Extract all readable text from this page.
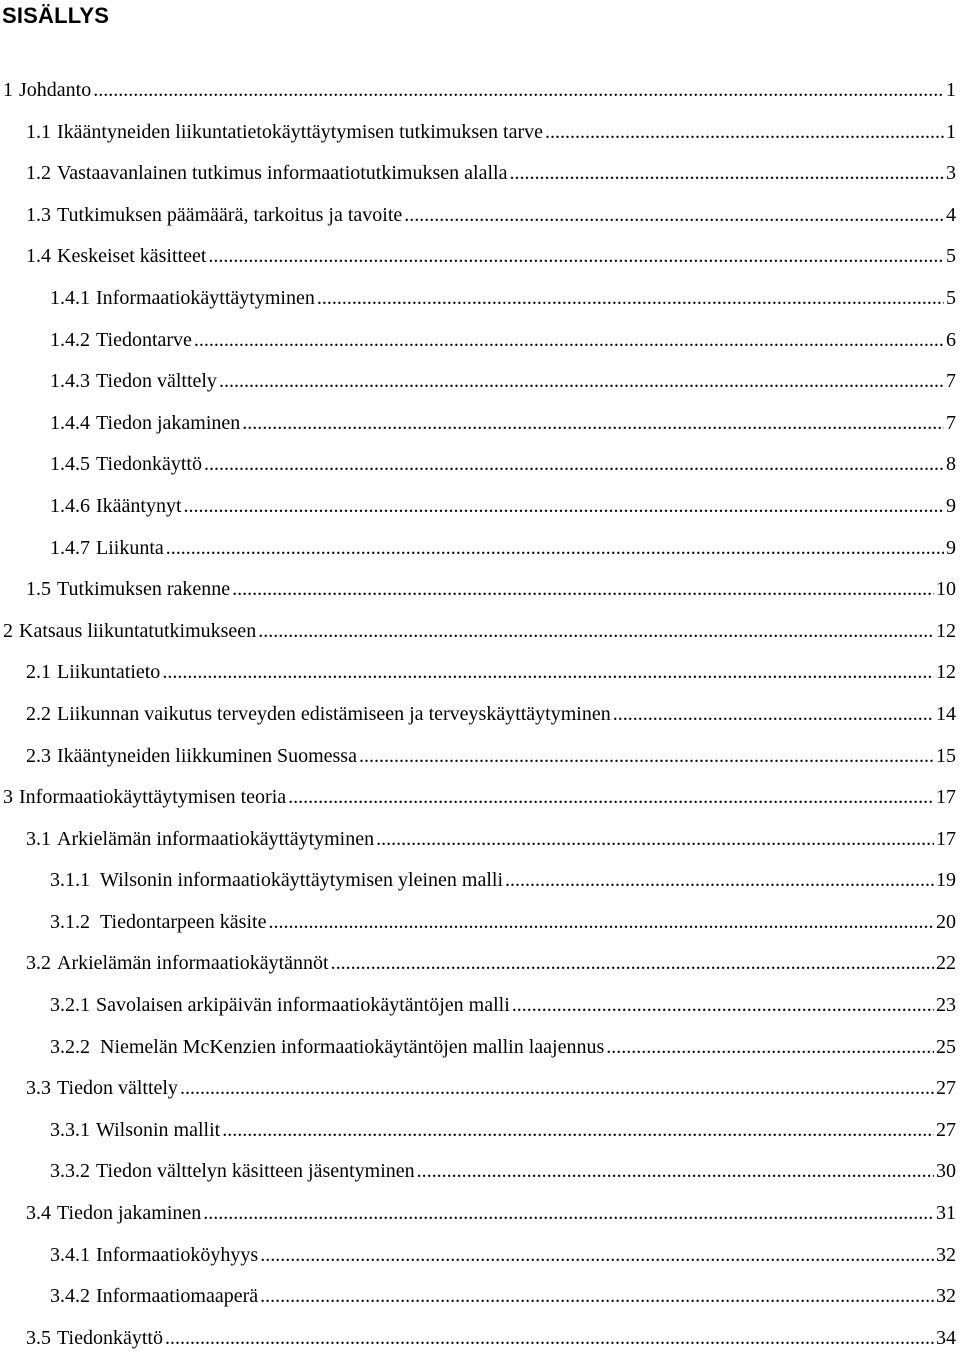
SISÄLLYS
1 Johdanto .....	1
1.1 Ikääntyneiden liikuntatietokäyttäytymisen tutkimuksen tarve .....	1
1.2 Vastaavanlainen tutkimus informaatiotutkimuksen alalla .....	3
1.3 Tutkimuksen päämäärä, tarkoitus ja tavoite .....	4
1.4 Keskeiset käsitteet .....	5
1.4.1 Informaatiokäyttäytyminen .....	5
1.4.2 Tiedontarve .....	6
1.4.3 Tiedon välttely .....	7
1.4.4 Tiedon jakaminen .....	7
1.4.5 Tiedonkäyttö .....	8
1.4.6 Ikääntynyt .....	9
1.4.7 Liikunta .....	9
1.5 Tutkimuksen rakenne .....	10
2 Katsaus liikuntatutkimukseen .....	12
2.1 Liikuntatieto .....	12
2.2 Liikunnan vaikutus terveyden edistämiseen ja terveyskäyttäytyminen .....	14
2.3 Ikääntyneiden liikkuminen Suomessa .....	15
3 Informaatiokäyttäytymisen teoria .....	17
3.1 Arkielämän informaatiokäyttäytyminen .....	17
3.1.1 Wilsonin informaatiokäyttäytymisen yleinen malli .....	19
3.1.2 Tiedontarpeen käsite .....	20
3.2 Arkielämän informaatiokäytännöt .....	22
3.2.1 Savolaisen arkipäivän informaatiokäytäntöjen malli .....	23
3.2.2 Niemelän McKenzien informaatiokäytäntöjen mallin laajennus .....	25
3.3 Tiedon välttely .....	27
3.3.1 Wilsonin mallit .....	27
3.3.2 Tiedon välttelyn käsitteen jäsentyminen .....	30
3.4 Tiedon jakaminen .....	31
3.4.1 Informaatioköyhyys .....	32
3.4.2 Informaatiomaaperä .....	32
3.5 Tiedonkäyttö .....	34
